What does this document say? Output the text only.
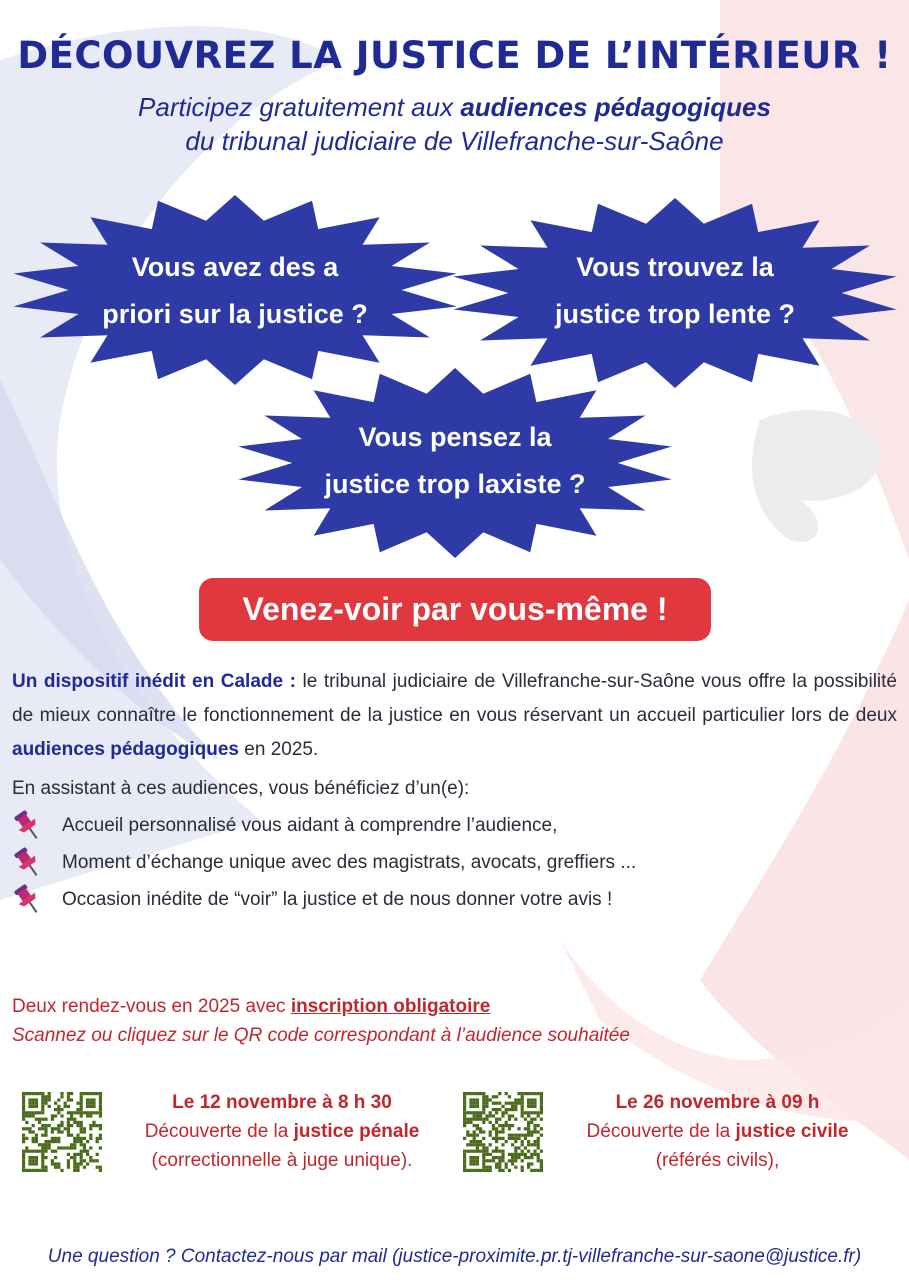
DÉCOUVREZ LA JUSTICE DE L’INTÉRIEUR !
Participez gratuitement aux audiences pédagogiques
du tribunal judiciaire de Villefranche-sur-Saône
Vous avez des a
priori sur la justice ?
Vous trouvez la
justice trop lente ?
Vous pensez la
justice trop laxiste ?
Venez-voir par vous-même !
Un dispositif inédit en Calade : le tribunal judiciaire de Villefranche-sur-Saône vous offre la possibilité de mieux connaître le fonctionnement de la justice en vous réservant un accueil particulier lors de deux audiences pédagogiques en 2025.
En assistant à ces audiences, vous bénéficiez d’un(e):
Accueil personnalisé vous aidant à comprendre l’audience,
Moment d’échange unique avec des magistrats, avocats, greffiers ...
Occasion inédite de “voir” la justice et de nous donner votre avis !
Deux rendez-vous en 2025 avec inscription obligatoire
Scannez ou cliquez sur le QR code correspondant à l’audience souhaitée
Le 12 novembre à 8 h 30
Découverte de la justice pénale
(correctionnelle à juge unique).
Le 26 novembre à 09 h
Découverte de la justice civile
(référés civils),
Une question ? Contactez-nous par mail (justice-proximite.pr.tj-villefranche-sur-saone@justice.fr)
